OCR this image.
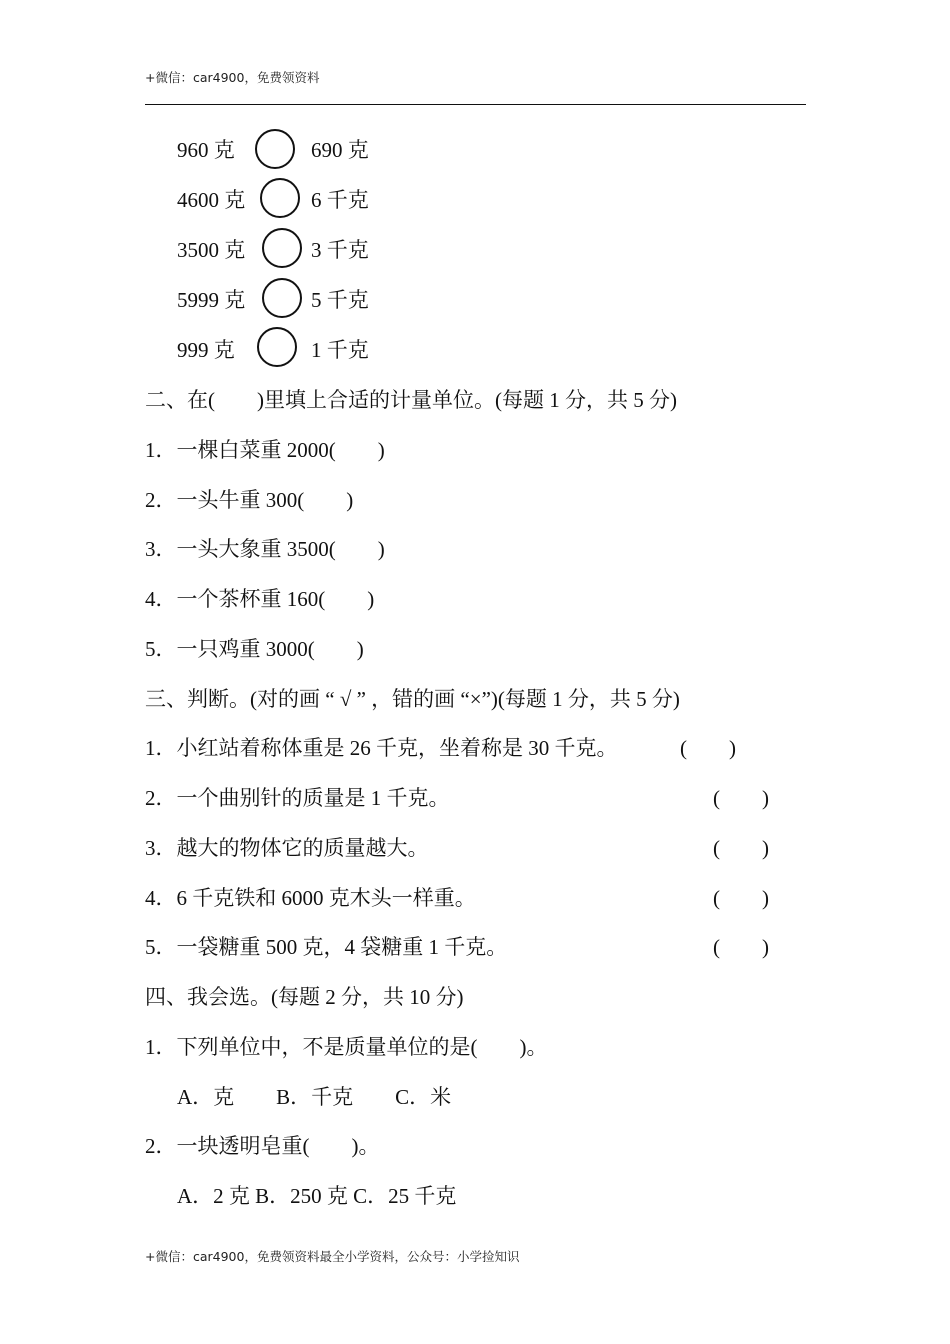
+微信：car4900，免费领资料
960 克	690 克
4600 克	6 千克
3500 克	3 千克
5999 克	5 千克
999 克	1 千克
二、在(　　)里填上合适的计量单位。(每题 1 分，共 5 分)
1．一棵白菜重 2000(　　)
2．一头牛重 300(　　)
3．一头大象重 3500(　　)
4．一个茶杯重 160(　　)
5．一只鸡重 3000(　　)
三、判断。(对的画 “ √ ” ，错的画 “×”)(每题 1 分，共 5 分)
1．小红站着称体重是 26 千克，坐着称是 30 千克。	(　　)
2．一个曲别针的质量是 1 千克。	(　　)
3．越大的物体它的质量越大。	(　　)
4．6 千克铁和 6000 克木头一样重。	(　　)
5．一袋糖重 500 克，4 袋糖重 1 千克。	(　　)
四、我会选。(每题 2 分，共 10 分)
1．下列单位中，不是质量单位的是(　　)。
A．克　　B．千克　　C．米
2．一块透明皂重(　　)。
A．2 克 B．250 克 C．25 千克
+微信：car4900，免费领资料最全小学资料，公众号：小学捡知识
